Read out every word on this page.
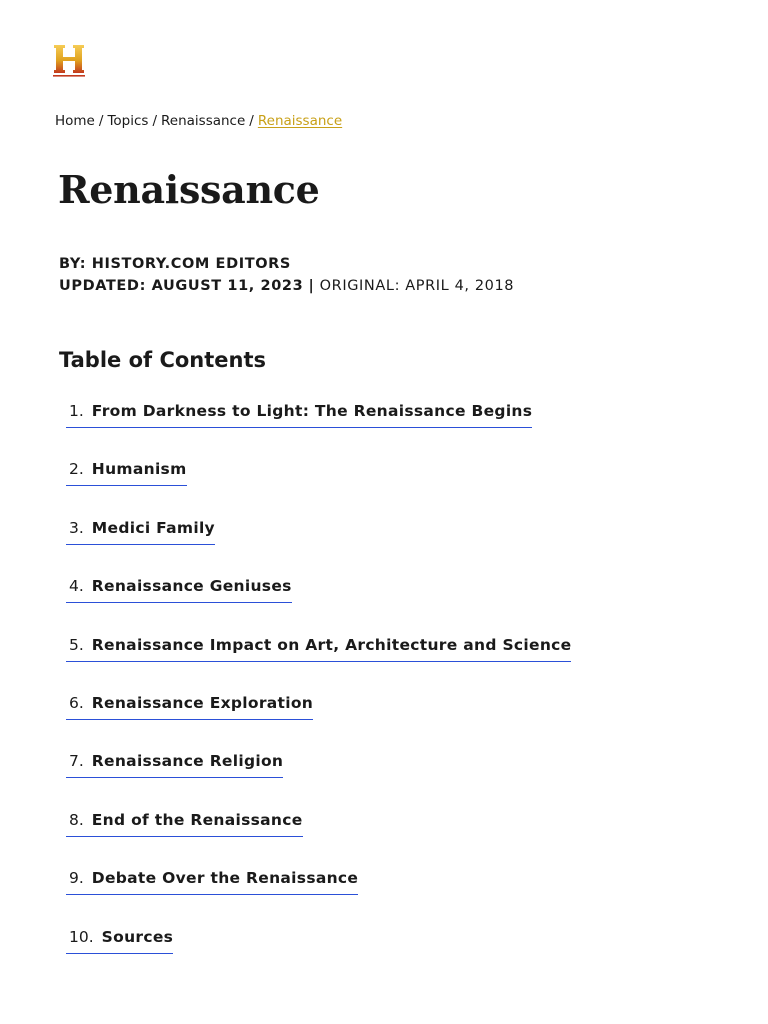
Home / Topics / Renaissance / Renaissance
Renaissance
BY: HISTORY.COM EDITORS
UPDATED: AUGUST 11, 2023 | ORIGINAL: APRIL 4, 2018
Table of Contents
1. From Darkness to Light: The Renaissance Begins
2. Humanism
3. Medici Family
4. Renaissance Geniuses
5. Renaissance Impact on Art, Architecture and Science
6. Renaissance Exploration
7. Renaissance Religion
8. End of the Renaissance
9. Debate Over the Renaissance
10. Sources
